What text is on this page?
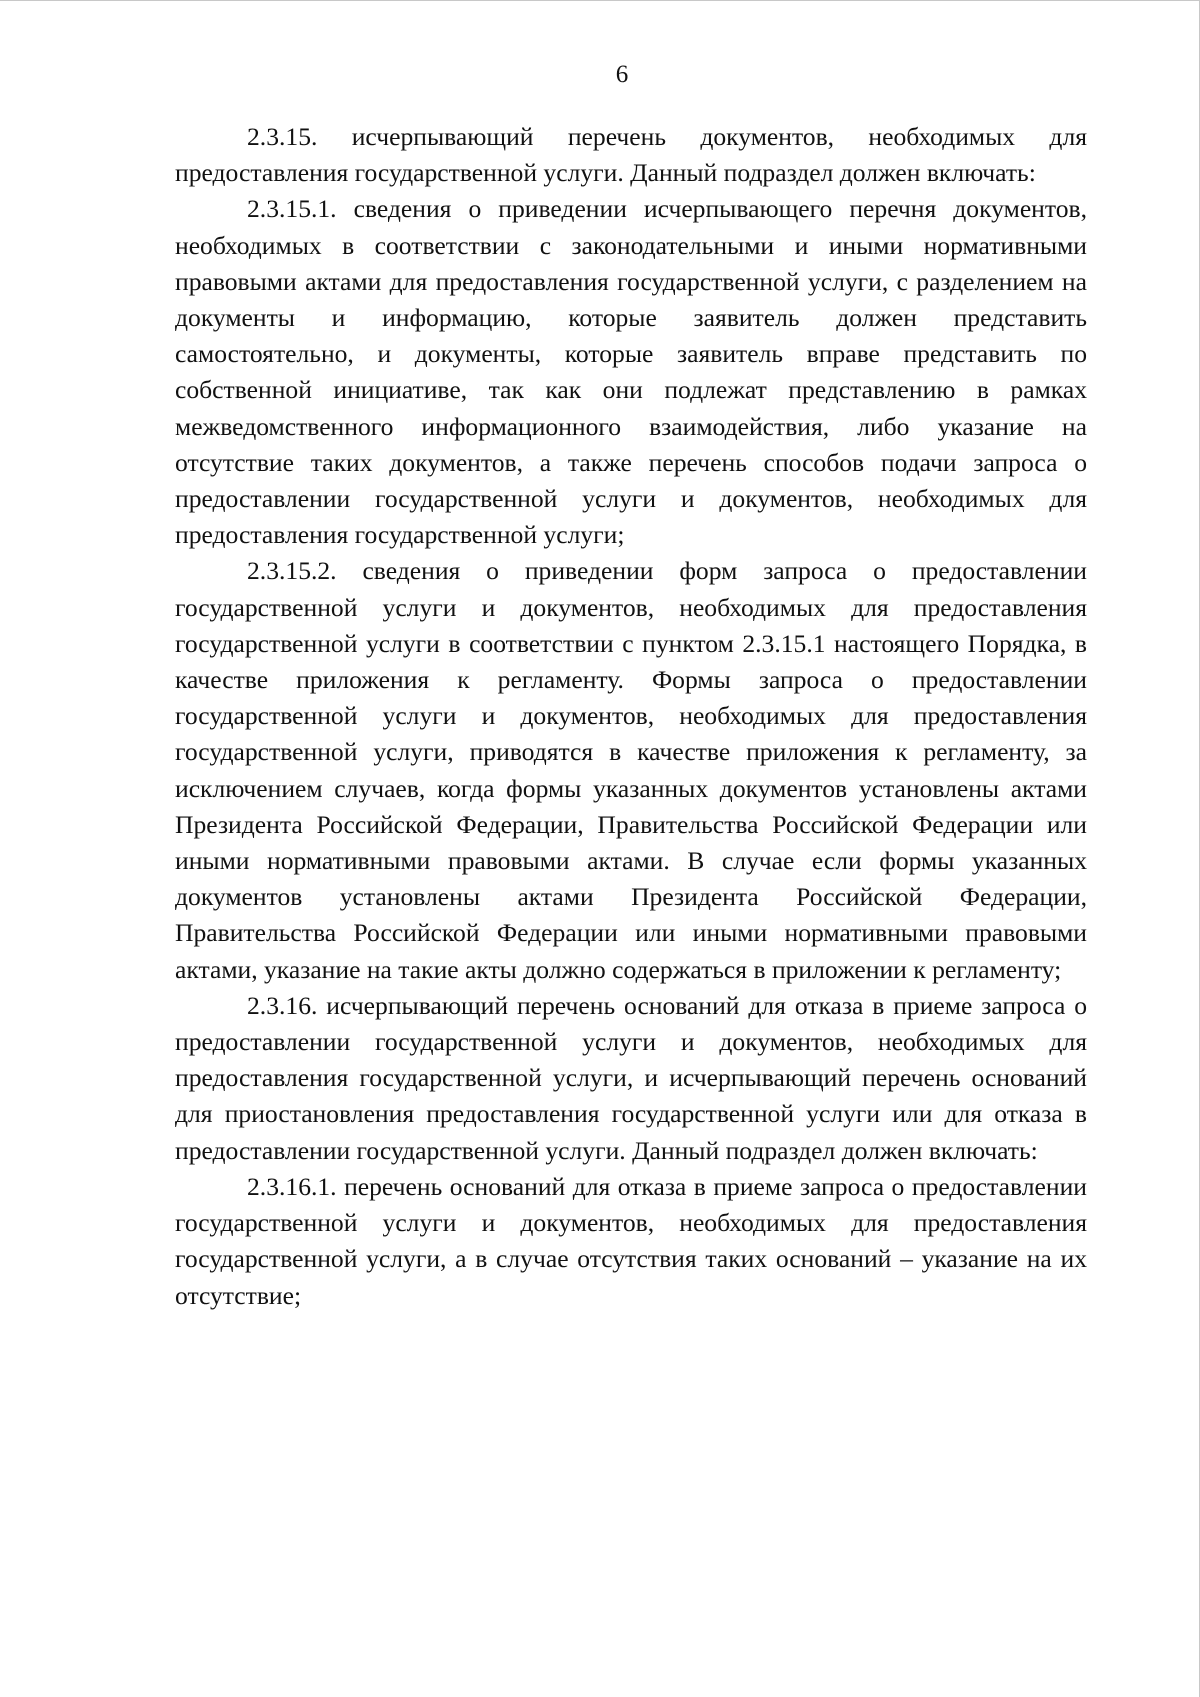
6

2.3.15. исчерпывающий перечень документов, необходимых для предоставления государственной услуги. Данный подраздел должен включать:

2.3.15.1. сведения о приведении исчерпывающего перечня документов, необходимых в соответствии с законодательными и иными нормативными правовыми актами для предоставления государственной услуги, с разделением на документы и информацию, которые заявитель должен представить самостоятельно, и документы, которые заявитель вправе представить по собственной инициативе, так как они подлежат представлению в рамках межведомственного информационного взаимодействия, либо указание на отсутствие таких документов, а также перечень способов подачи запроса о предоставлении государственной услуги и документов, необходимых для предоставления государственной услуги;

2.3.15.2. сведения о приведении форм запроса о предоставлении государственной услуги и документов, необходимых для предоставления государственной услуги в соответствии с пунктом 2.3.15.1 настоящего Порядка, в качестве приложения к регламенту. Формы запроса о предоставлении государственной услуги и документов, необходимых для предоставления государственной услуги, приводятся в качестве приложения к регламенту, за исключением случаев, когда формы указанных документов установлены актами Президента Российской Федерации, Правительства Российской Федерации или иными нормативными правовыми актами. В случае если формы указанных документов установлены актами Президента Российской Федерации, Правительства Российской Федерации или иными нормативными правовыми актами, указание на такие акты должно содержаться в приложении к регламенту;

2.3.16. исчерпывающий перечень оснований для отказа в приеме запроса о предоставлении государственной услуги и документов, необходимых для предоставления государственной услуги, и исчерпывающий перечень оснований для приостановления предоставления государственной услуги или для отказа в предоставлении государственной услуги. Данный подраздел должен включать:

2.3.16.1. перечень оснований для отказа в приеме запроса о предоставлении государственной услуги и документов, необходимых для предоставления государственной услуги, а в случае отсутствия таких оснований – указание на их отсутствие;
